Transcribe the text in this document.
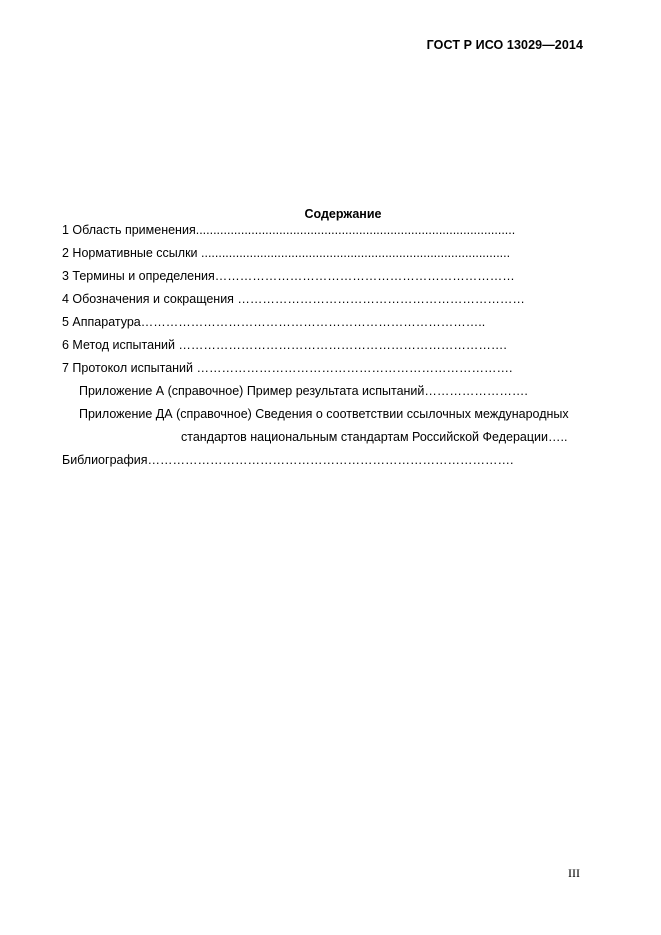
ГОСТ Р ИСО 13029—2014
Содержание
1 Область применения............................................................................................
2 Нормативные ссылки .........................................................................................
3 Термины и определения………………………………………………………………
4 Обозначения и сокращения ……………………………………………………………
5 Аппаратура………………………………………………………………………..
6 Метод испытаний …………………………………………………………………….
7 Протокол испытаний ………………………………………………………………….
Приложение А (справочное) Пример результата испытаний…………………….
Приложение ДА (справочное) Сведения о соответствии ссылочных международных
стандартов национальным стандартам Российской Федерации…..
Библиография…………………………………………………………………………….
III
